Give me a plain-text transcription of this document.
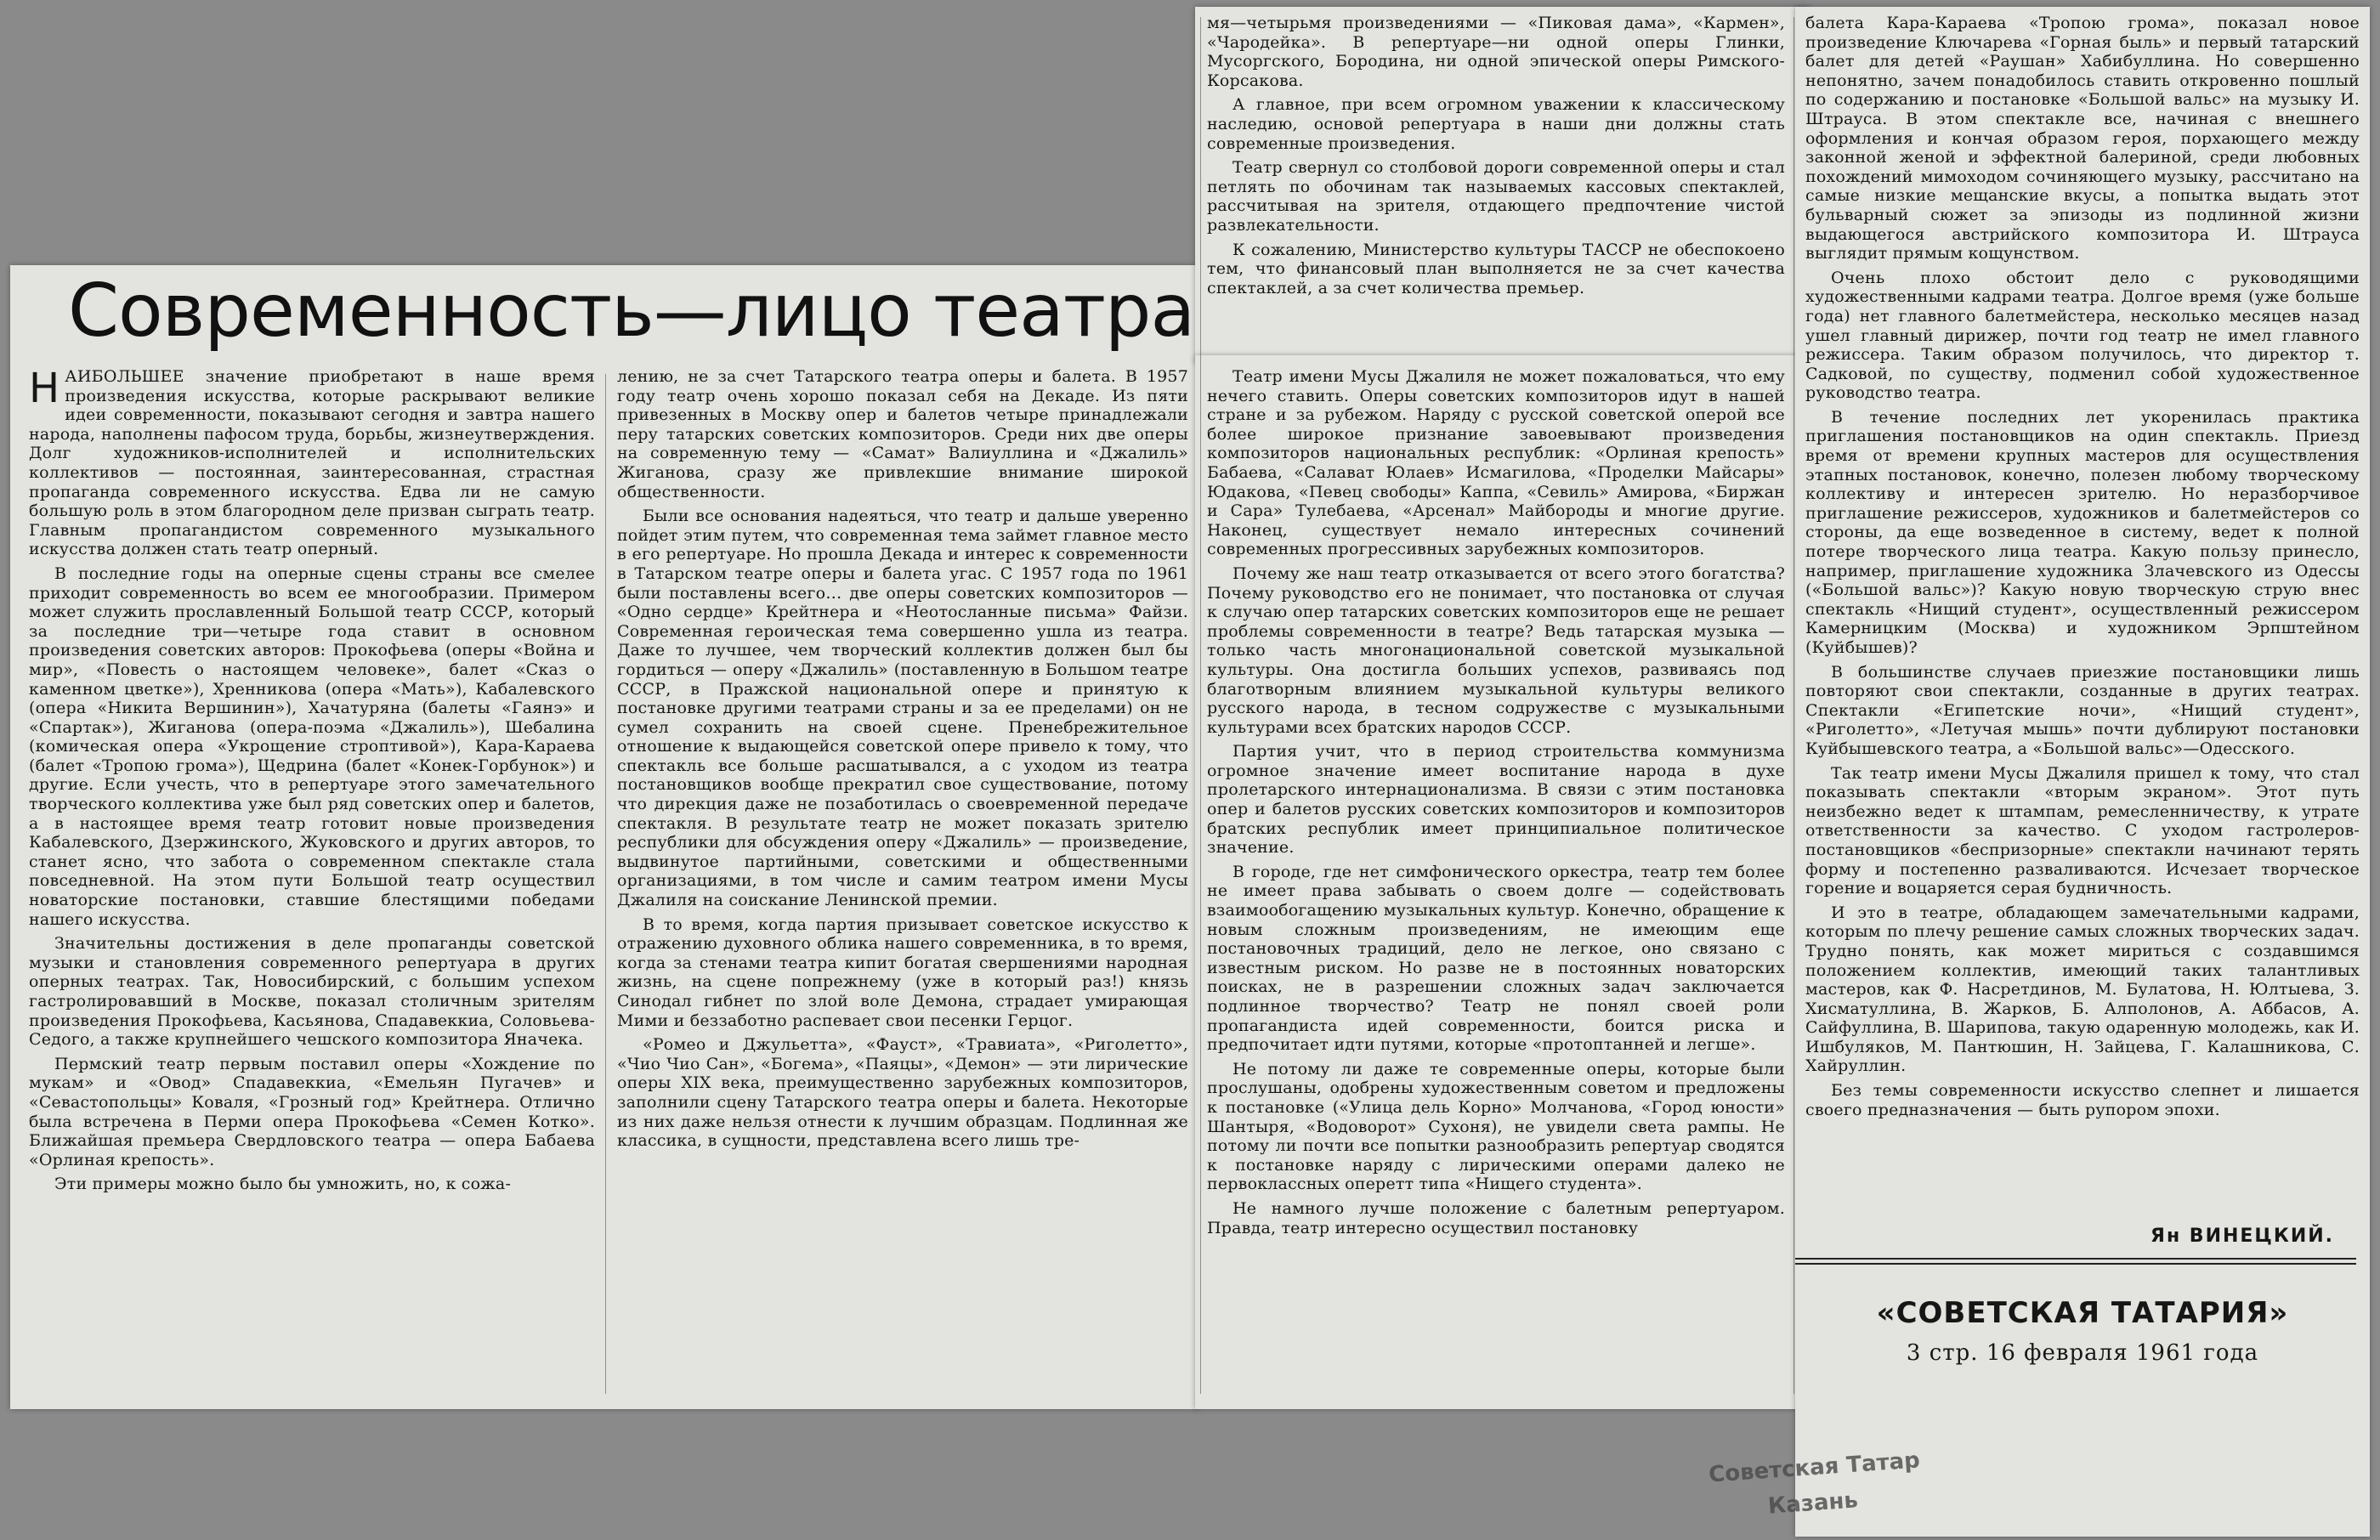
Современность—лицо театра
Н АИБОЛЬШЕЕ значение приобретают в наше время произведения искусства, которые раскрывают великие идеи современности, показывают сегодня и завтра нашего народа, наполнены пафосом труда, борьбы, жизнеутверждения. Долг художников-исполнителей и исполнительских коллективов — постоянная, заинтересованная, страстная пропаганда современного искусства. Едва ли не самую большую роль в этом благородном деле призван сыграть театр. Главным пропагандистом современного музыкального искусства должен стать театр оперный.

В последние годы на оперные сцены страны все смелее приходит современность во всем ее многообразии. Примером может служить прославленный Большой театр СССР, который за последние три—четыре года ставит в основном произведения советских авторов: Прокофьева (оперы «Война и мир», «Повесть о настоящем человеке», балет «Сказ о каменном цветке»), Хренникова (опера «Мать»), Кабалевского (опера «Никита Вершинин»), Хачатуряна (балеты «Гаянэ» и «Спартак»), Жиганова (опера-поэма «Джалиль»), Шебалина (комическая опера «Укрощение строптивой»), Кара-Караева (балет «Тропою грома»), Щедрина (балет «Конек-Горбунок») и другие. Если учесть, что в репертуаре этого замечательного творческого коллектива уже был ряд советских опер и балетов, а в настоящее время театр готовит новые произведения Кабалевского, Дзержинского, Жуковского и других авторов, то станет ясно, что забота о современном спектакле стала повседневной. На этом пути Большой театр осуществил новаторские постановки, ставшие блестящими победами нашего искусства.

Значительны достижения в деле пропаганды советской музыки и становления современного репертуара в других оперных театрах. Так, Новосибирский, с большим успехом гастролировавший в Москве, показал столичным зрителям произведения Прокофьева, Касьянова, Спадавеккиа, Соловьева-Седого, а также крупнейшего чешского композитора Яначека.

Пермский театр первым поставил оперы «Хождение по мукам» и «Овод» Спадавеккиа, «Емельян Пугачев» и «Севастопольцы» Коваля, «Грозный год» Крейтнера. Отлично была встречена в Перми опера Прокофьева «Семен Котко». Ближайшая премьера Свердловского театра — опера Бабаева «Орлиная крепость».

Эти примеры можно было бы умножить, но, к сожа-

лению, не за счет Татарского театра оперы и балета. В 1957 году театр очень хорошо показал себя на Декаде. Из пяти привезенных в Москву опер и балетов четыре принадлежали перу татарских советских композиторов. Среди них две оперы на современную тему — «Самат» Валиуллина и «Джалиль» Жиганова, сразу же привлекшие внимание широкой общественности.

Были все основания надеяться, что театр и дальше уверенно пойдет этим путем, что современная тема займет главное место в его репертуаре. Но прошла Декада и интерес к современности в Татарском театре оперы и балета угас. С 1957 года по 1961 были поставлены всего… две оперы советских композиторов — «Одно сердце» Крейтнера и «Неотосланные письма» Файзи. Современная героическая тема совершенно ушла из театра. Даже то лучшее, чем творческий коллектив должен был бы гордиться — оперу «Джалиль» (поставленную в Большом театре СССР, в Пражской национальной опере и принятую к постановке другими театрами страны и за ее пределами) он не сумел сохранить на своей сцене. Пренебрежительное отношение к выдающейся советской опере привело к тому, что спектакль все больше расшатывался, а с уходом из театра постановщиков вообще прекратил свое существование, потому что дирекция даже не позаботилась о своевременной передаче спектакля. В результате театр не может показать зрителю республики для обсуждения оперу «Джалиль» — произведение, выдвинутое партийными, советскими и общественными организациями, в том числе и самим театром имени Мусы Джалиля на соискание Ленинской премии.

В то время, когда партия призывает советское искусство к отражению духовного облика нашего современника, в то время, когда за стенами театра кипит богатая свершениями народная жизнь, на сцене попрежнему (уже в который раз!) князь Синодал гибнет по злой воле Демона, страдает умирающая Мими и беззаботно распевает свои песенки Герцог.

«Ромео и Джульетта», «Фауст», «Травиата», «Риголетто», «Чио Чио Сан», «Богема», «Паяцы», «Демон» — эти лирические оперы XIX века, преимущественно зарубежных композиторов, заполнили сцену Татарского театра оперы и балета. Некоторые из них даже нельзя отнести к лучшим образцам. Подлинная же классика, в сущности, представлена всего лишь тре-

мя—четырьмя произведениями — «Пиковая дама», «Кармен», «Чародейка». В репертуаре—ни одной оперы Глинки, Мусоргского, Бородина, ни одной эпической оперы Римского-Корсакова.

А главное, при всем огромном уважении к классическому наследию, основой репертуара в наши дни должны стать современные произведения.

Театр свернул со столбовой дороги современной оперы и стал петлять по обочинам так называемых кассовых спектаклей, рассчитывая на зрителя, отдающего предпочтение чистой развлекательности.

К сожалению, Министерство культуры ТАССР не обеспокоено тем, что финансовый план выполняется не за счет качества спектаклей, а за счет количества премьер.

Театр имени Мусы Джалиля не может пожаловаться, что ему нечего ставить. Оперы советских композиторов идут в нашей стране и за рубежом. Наряду с русской советской оперой все более широкое признание завоевывают произведения композиторов национальных республик: «Орлиная крепость» Бабаева, «Салават Юлаев» Исмагилова, «Проделки Майсары» Юдакова, «Певец свободы» Каппа, «Севиль» Амирова, «Биржан и Сара» Тулебаева, «Арсенал» Майбороды и многие другие. Наконец, существует немало интересных сочинений современных прогрессивных зарубежных композиторов.

Почему же наш театр отказывается от всего этого богатства? Почему руководство его не понимает, что постановка от случая к случаю опер татарских советских композиторов еще не решает проблемы современности в театре? Ведь татарская музыка — только часть многонациональной советской музыкальной культуры. Она достигла больших успехов, развиваясь под благотворным влиянием музыкальной культуры великого русского народа, в тесном содружестве с музыкальными культурами всех братских народов СССР.

Партия учит, что в период строительства коммунизма огромное значение имеет воспитание народа в духе пролетарского интернационализма. В связи с этим постановка опер и балетов русских советских композиторов и композиторов братских республик имеет принципиальное политическое значение.

В городе, где нет симфонического оркестра, театр тем более не имеет права забывать о своем долге — содействовать взаимообогащению музыкальных культур. Конечно, обращение к новым сложным произведениям, не имеющим еще постановочных традиций, дело не легкое, оно связано с известным риском. Но разве не в постоянных новаторских поисках, не в разрешении сложных задач заключается подлинное творчество? Театр не понял своей роли пропагандиста идей современности, боится риска и предпочитает идти путями, которые «протоптанней и легше».

Не потому ли даже те современные оперы, которые были прослушаны, одобрены художественным советом и предложены к постановке («Улица дель Корно» Молчанова, «Город юности» Шантыря, «Водоворот» Сухоня), не увидели света рампы. Не потому ли почти все попытки разнообразить репертуар сводятся к постановке наряду с лирическими операми далеко не первоклассных оперетт типа «Нищего студента».

Не намного лучше положение с балетным репертуаром. Правда, театр интересно осуществил постановку

балета Кара-Караева «Тропою грома», показал новое произведение Ключарева «Горная быль» и первый татарский балет для детей «Раушан» Хабибуллина. Но совершенно непонятно, зачем понадобилось ставить откровенно пошлый по содержанию и постановке «Большой вальс» на музыку И. Штрауса. В этом спектакле все, начиная с внешнего оформления и кончая образом героя, порхающего между законной женой и эффектной балериной, среди любовных похождений мимоходом сочиняющего музыку, рассчитано на самые низкие мещанские вкусы, а попытка выдать этот бульварный сюжет за эпизоды из подлинной жизни выдающегося австрийского композитора И. Штрауса выглядит прямым кощунством.

Очень плохо обстоит дело с руководящими художественными кадрами театра. Долгое время (уже больше года) нет главного балетмейстера, несколько месяцев назад ушел главный дирижер, почти год театр не имел главного режиссера. Таким образом получилось, что директор т. Садковой, по существу, подменил собой художественное руководство театра.

В течение последних лет укоренилась практика приглашения постановщиков на один спектакль. Приезд время от времени крупных мастеров для осуществления этапных постановок, конечно, полезен любому творческому коллективу и интересен зрителю. Но неразборчивое приглашение режиссеров, художников и балетмейстеров со стороны, да еще возведенное в систему, ведет к полной потере творческого лица театра. Какую пользу принесло, например, приглашение художника Злачевского из Одессы («Большой вальс»)? Какую новую творческую струю внес спектакль «Нищий студент», осуществленный режиссером Камерницким (Москва) и художником Эрпштейном (Куйбышев)?

В большинстве случаев приезжие постановщики лишь повторяют свои спектакли, созданные в других театрах. Спектакли «Египетские ночи», «Нищий студент», «Риголетто», «Летучая мышь» почти дублируют постановки Куйбышевского театра, а «Большой вальс»—Одесского.

Так театр имени Мусы Джалиля пришел к тому, что стал показывать спектакли «вторым экраном». Этот путь неизбежно ведет к штампам, ремесленничеству, к утрате ответственности за качество. С уходом гастролеров-постановщиков «беспризорные» спектакли начинают терять форму и постепенно разваливаются. Исчезает творческое горение и воцаряется серая будничность.

И это в театре, обладающем замечательными кадрами, которым по плечу решение самых сложных творческих задач. Трудно понять, как может мириться с создавшимся положением коллектив, имеющий таких талантливых мастеров, как Ф. Насретдинов, М. Булатова, Н. Юлтыева, З. Хисматуллина, В. Жарков, Б. Алполонов, А. Аббасов, А. Сайфуллина, В. Шарипова, такую одаренную молодежь, как И. Ишбуляков, М. Пантюшин, Н. Зайцева, Г. Калашникова, С. Хайруллин.

Без темы современности искусство слепнет и лишается своего предназначения — быть рупором эпохи.

Ян ВИНЕЦКИЙ.

«СОВЕТСКАЯ ТАТАРИЯ»

3 стр. 16 февраля 1961 года

Советская Татар

Казань
